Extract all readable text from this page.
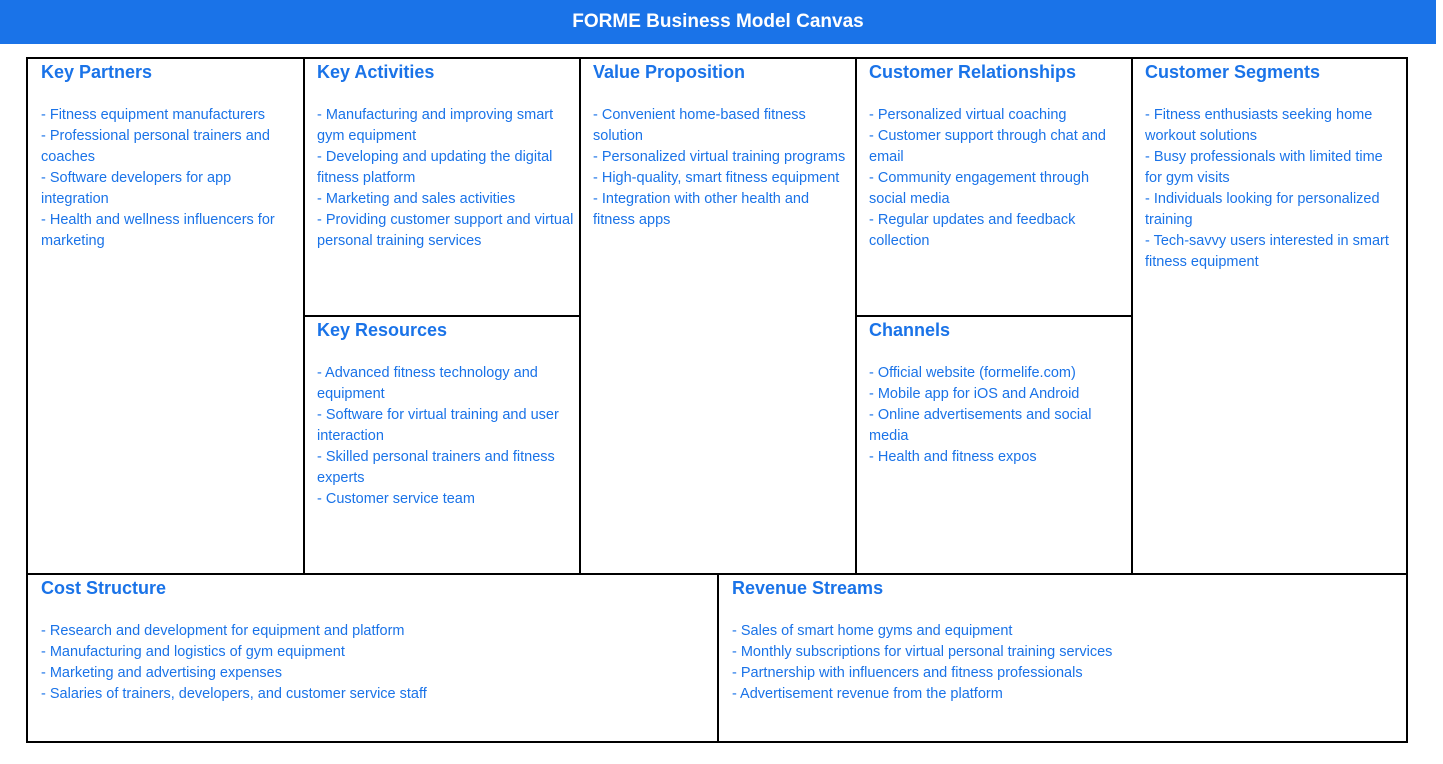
FORME Business Model Canvas
Key Partners
- Fitness equipment manufacturers
- Professional personal trainers and coaches
- Software developers for app integration
- Health and wellness influencers for marketing
Key Activities
- Manufacturing and improving smart gym equipment
- Developing and updating the digital fitness platform
- Marketing and sales activities
- Providing customer support and virtual personal training services
Key Resources
- Advanced fitness technology and equipment
- Software for virtual training and user interaction
- Skilled personal trainers and fitness experts
- Customer service team
Value Proposition
- Convenient home-based fitness solution
- Personalized virtual training programs
- High-quality, smart fitness equipment
- Integration with other health and fitness apps
Customer Relationships
- Personalized virtual coaching
- Customer support through chat and email
- Community engagement through social media
- Regular updates and feedback collection
Channels
- Official website (formelife.com)
- Mobile app for iOS and Android
- Online advertisements and social media
- Health and fitness expos
Customer Segments
- Fitness enthusiasts seeking home workout solutions
- Busy professionals with limited time for gym visits
- Individuals looking for personalized training
- Tech-savvy users interested in smart fitness equipment
Cost Structure
- Research and development for equipment and platform
- Manufacturing and logistics of gym equipment
- Marketing and advertising expenses
- Salaries of trainers, developers, and customer service staff
Revenue Streams
- Sales of smart home gyms and equipment
- Monthly subscriptions for virtual personal training services
- Partnership with influencers and fitness professionals
- Advertisement revenue from the platform
